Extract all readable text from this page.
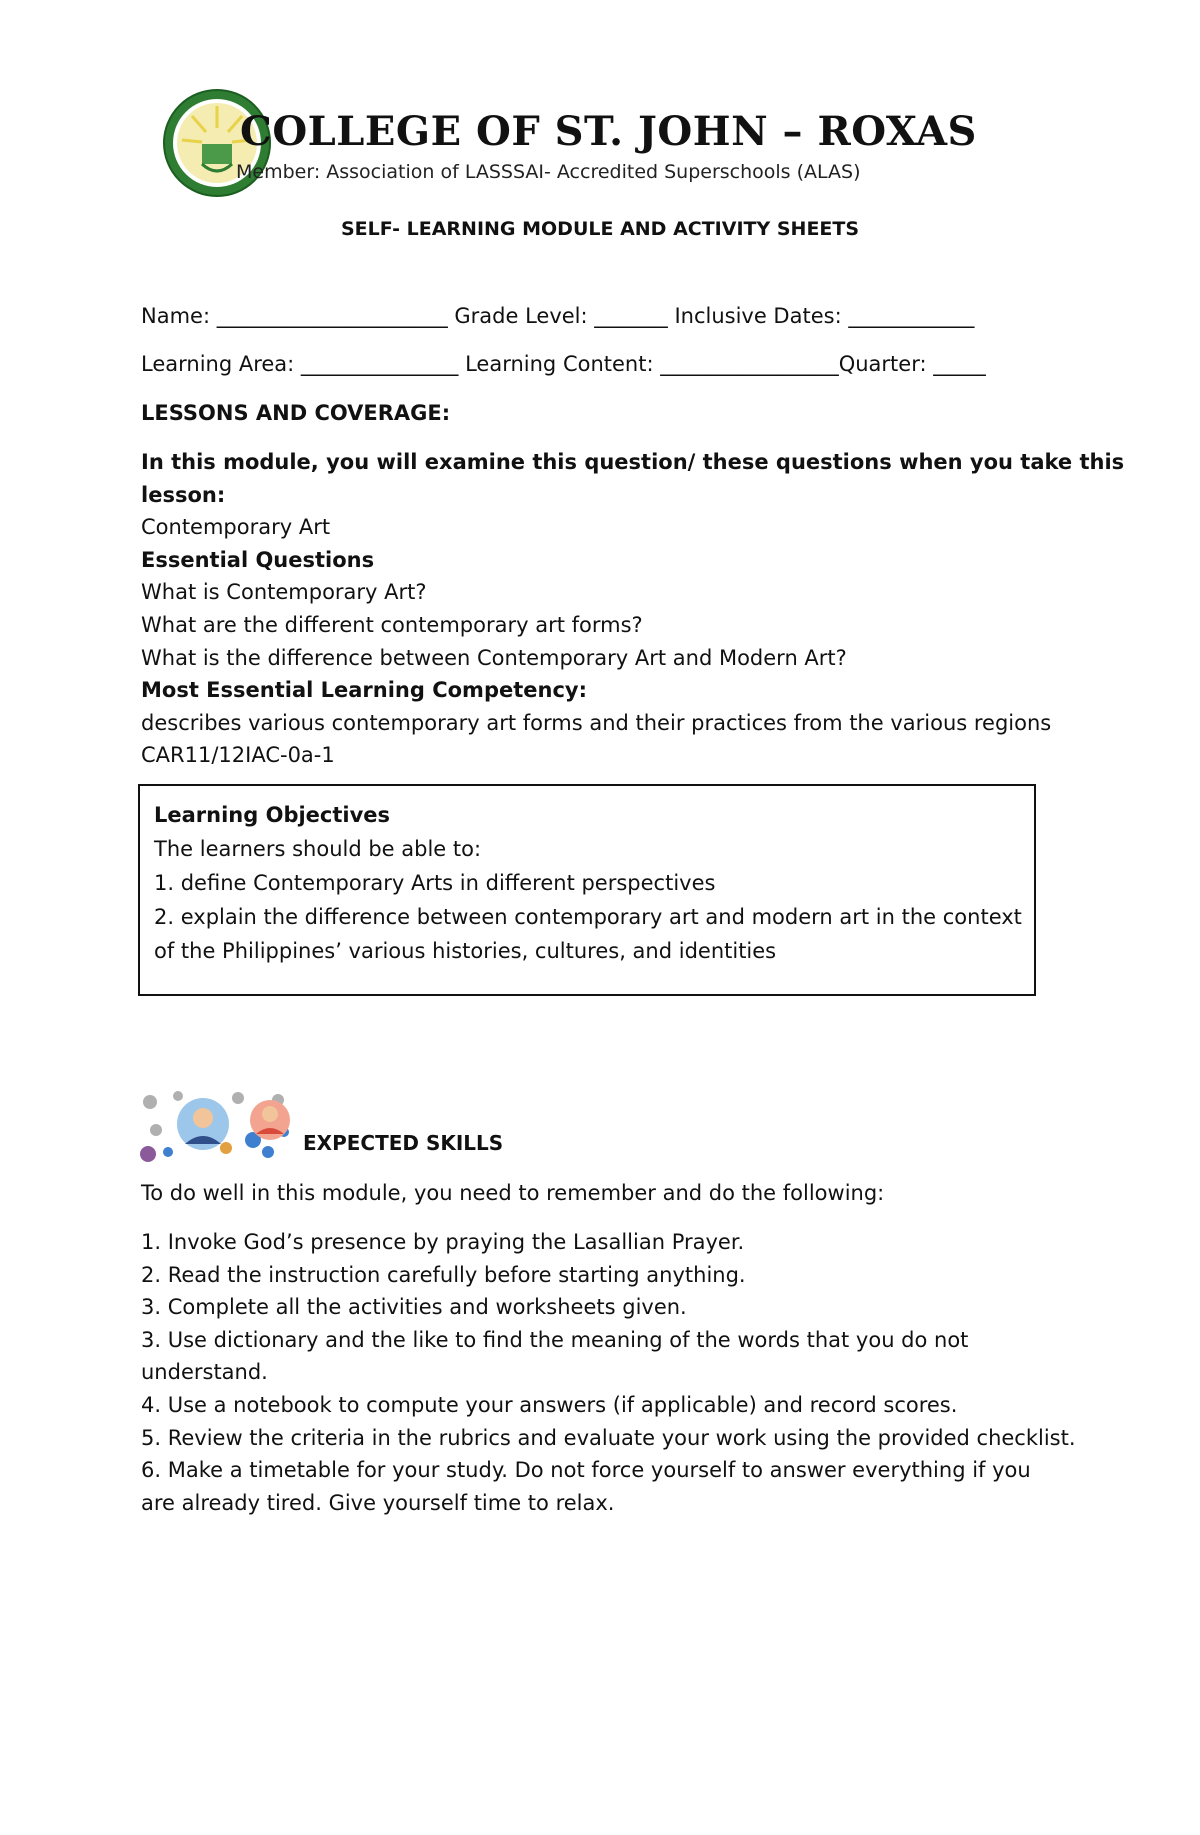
COLLEGE OF ST. JOHN – ROXAS

Member: Association of LASSSAI- Accredited Superschools (ALAS)

SELF- LEARNING MODULE AND ACTIVITY SHEETS

Name: ______________________ Grade Level: _______ Inclusive Dates: ____________

Learning Area: _______________ Learning Content: _________________Quarter: _____

LESSONS AND COVERAGE:

In this module, you will examine this question/ these questions when you take this
lesson:
Contemporary Art
Essential Questions
What is Contemporary Art?
What are the different contemporary art forms?
What is the difference between Contemporary Art and Modern Art?
Most Essential Learning Competency:
describes various contemporary art forms and their practices from the various regions
CAR11/12IAC-0a-1
Learning Objectives
The learners should be able to:
1. define Contemporary Arts in different perspectives
2. explain the difference between contemporary art and modern art in the context
of the Philippines’ various histories, cultures, and identities

EXPECTED SKILLS

To do well in this module, you need to remember and do the following:

1. Invoke God’s presence by praying the Lasallian Prayer.
2. Read the instruction carefully before starting anything.
3. Complete all the activities and worksheets given.
3. Use dictionary and the like to find the meaning of the words that you do not
understand.
4. Use a notebook to compute your answers (if applicable) and record scores.
5. Review the criteria in the rubrics and evaluate your work using the provided checklist.
6. Make a timetable for your study. Do not force yourself to answer everything if you
are already tired. Give yourself time to relax.
